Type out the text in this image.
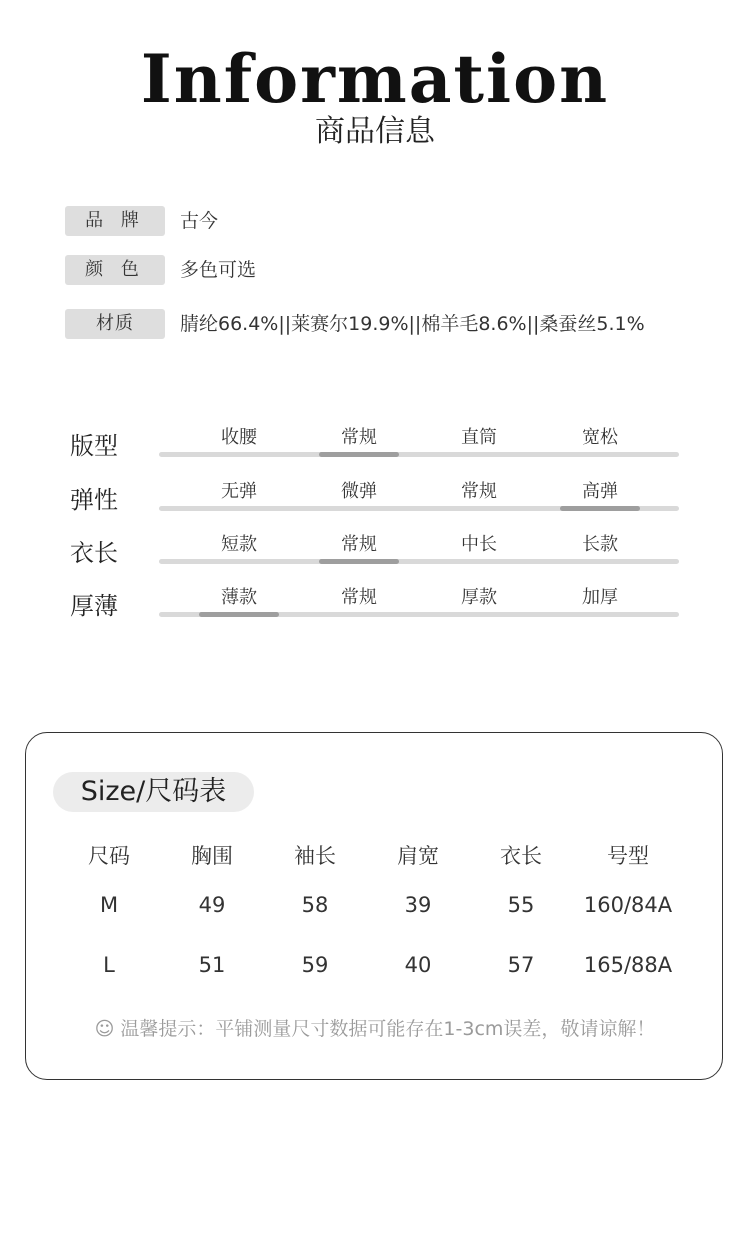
Information
商品信息
品 牌	古今
颜 色	多色可选
材质	腈纶66.4%||莱赛尔19.9%||棉羊毛8.6%||桑蚕丝5.1%
版型	收腰	常规	直筒	宽松
弹性	无弹	微弹	常规	高弹
衣长	短款	常规	中长	长款
厚薄	薄款	常规	厚款	加厚
Size/尺码表
尺码	胸围	袖长	肩宽	衣长	号型
M	49	58	39	55	160/84A
L	51	59	40	57	165/88A
☺ 温馨提示：平铺测量尺寸数据可能存在1-3cm误差，敬请谅解！
